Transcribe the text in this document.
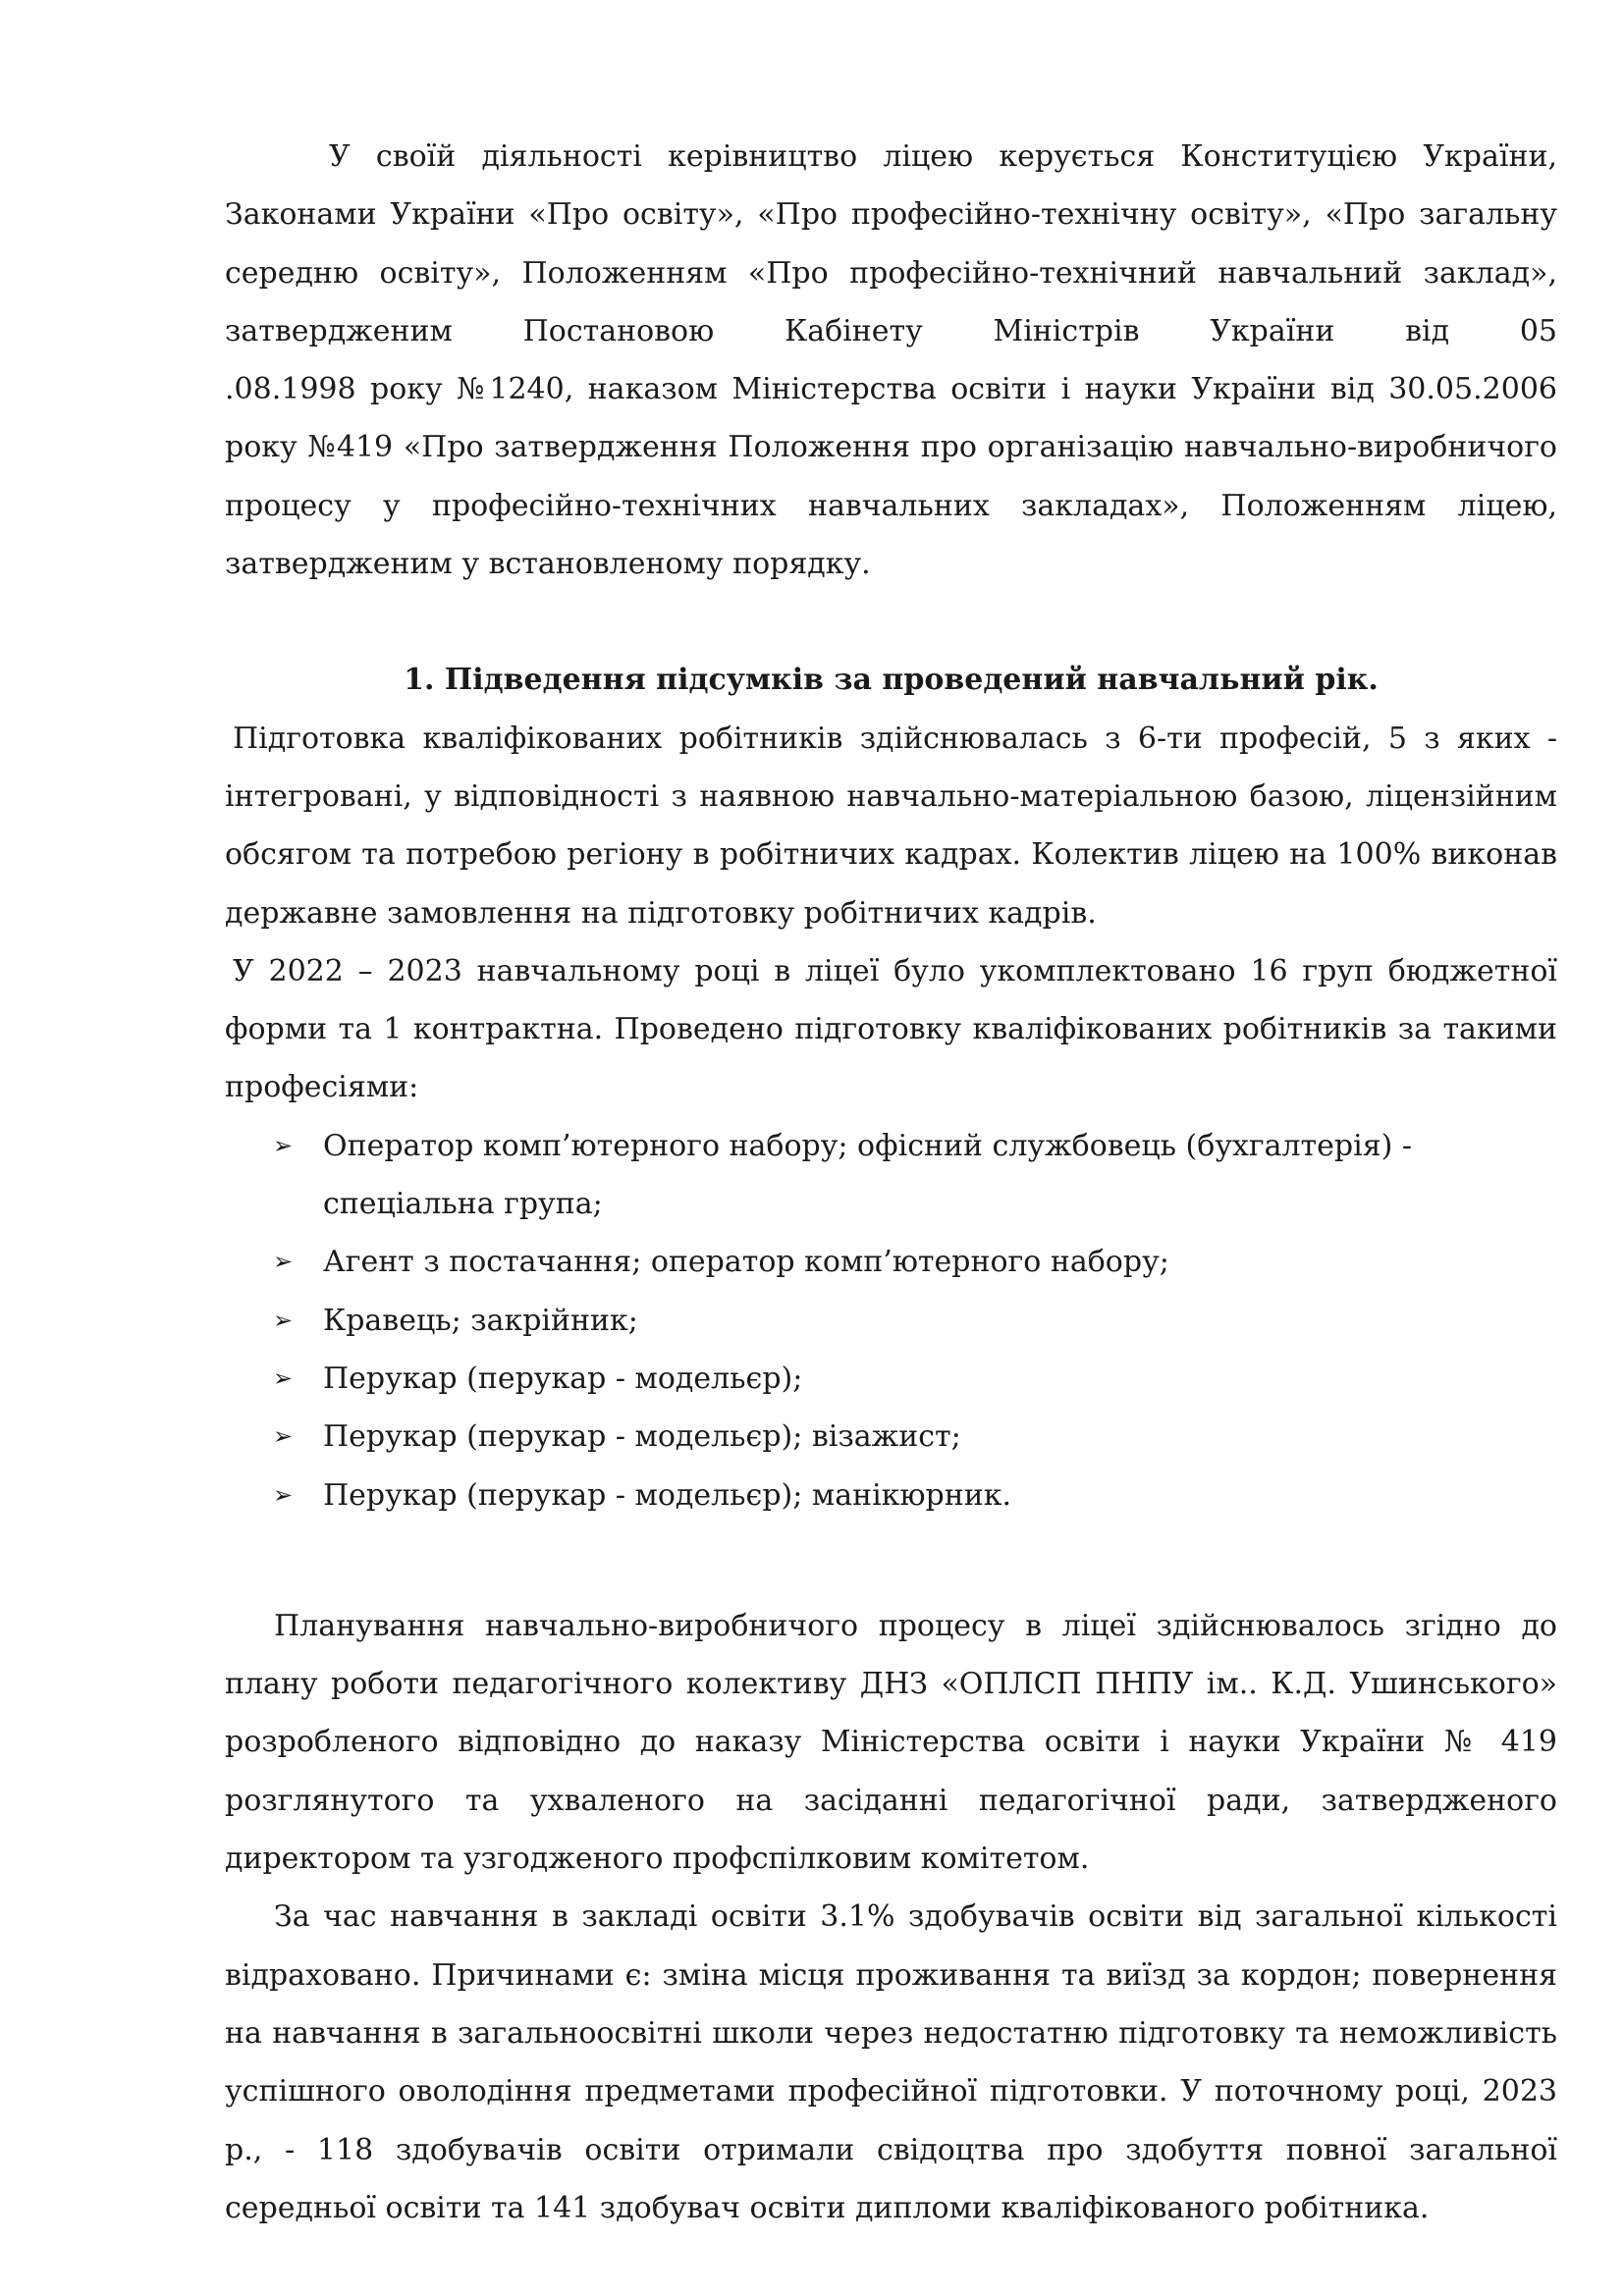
У своїй діяльності керівництво ліцею керується Конституцією України, Законами України «Про освіту», «Про професійно-технічну освіту», «Про загальну середню освіту», Положенням «Про професійно-технічний навчальний заклад», затвердженим Постановою Кабінету Міністрів України від 05

.08.1998 року №1240, наказом Міністерства освіти і науки України від 30.05.2006 року №419 «Про затвердження Положення про організацію навчально-виробничого процесу у професійно-технічних навчальних закладах», Положенням ліцею, затвердженим у встановленому порядку.

1. Підведення підсумків за проведений навчальний рік.

Підготовка кваліфікованих робітників здійснювалась з 6-ти професій, 5 з яких - інтегровані, у відповідності з наявною навчально-матеріальною базою, ліцензійним обсягом та потребою регіону в робітничих кадрах. Колектив ліцею на 100% виконав державне замовлення на підготовку робітничих кадрів.

У 2022 – 2023 навчальному році в ліцеї було укомплектовано 16 груп бюджетної форми та 1 контрактна. Проведено підготовку кваліфікованих робітників за такими професіями:

➢ Оператор комп’ютерного набору; офісний службовець (бухгалтерія) - спеціальна група;
➢ Агент з постачання; оператор комп’ютерного набору;
➢ Кравець; закрійник;
➢ Перукар (перукар - модельєр);
➢ Перукар (перукар - модельєр); візажист;
➢ Перукар (перукар - модельєр); манікюрник.

Планування навчально-виробничого процесу в ліцеї здійснювалось згідно до плану роботи педагогічного колективу ДНЗ «ОПЛСП ПНПУ ім.. К.Д. Ушинського» розробленого відповідно до наказу Міністерства освіти і науки України № 419 розглянутого та ухваленого на засіданні педагогічної ради, затвердженого директором та узгодженого профспілковим комітетом.

За час навчання в закладі освіти 3.1% здобувачів освіти від загальної кількості відраховано. Причинами є: зміна місця проживання та виїзд за кордон; повернення на навчання в загальноосвітні школи через недостатню підготовку та неможливість успішного оволодіння предметами професійної підготовки. У поточному році, 2023 р., - 118 здобувачів освіти отримали свідоцтва про здобуття повної загальної середньої освіти та 141 здобувач освіти дипломи кваліфікованого робітника.
